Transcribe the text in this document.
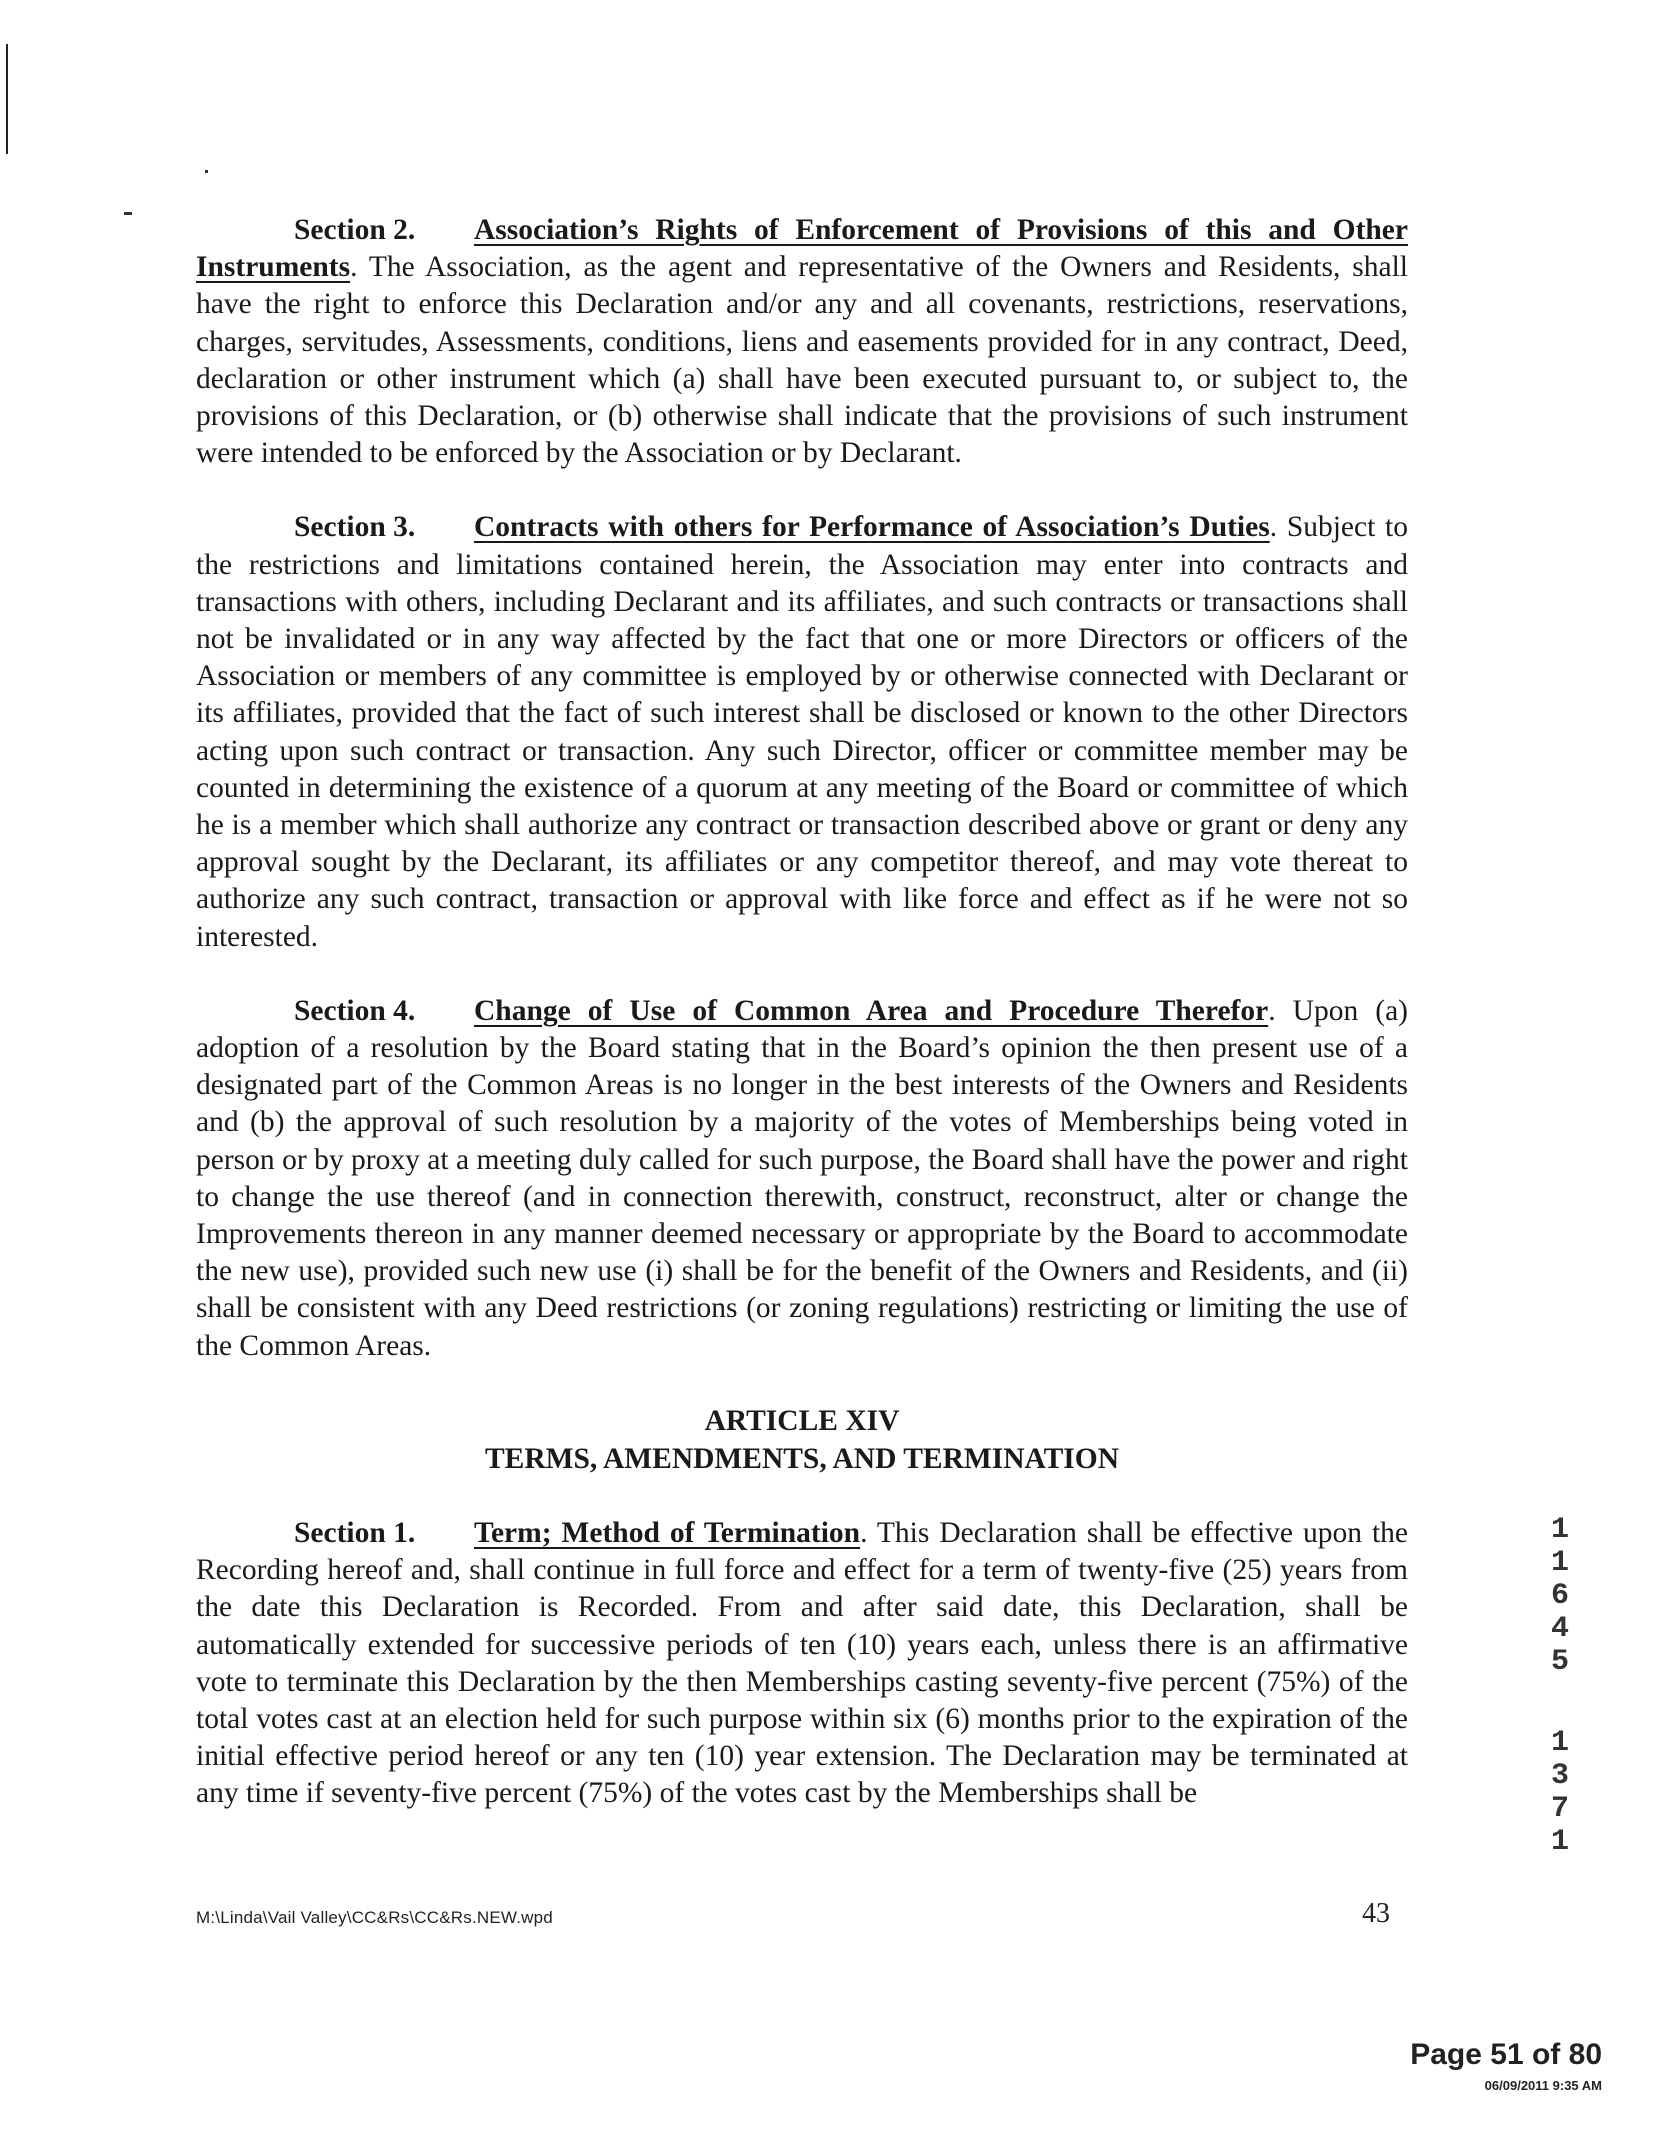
Section 2. Association’s Rights of Enforcement of Provisions of this and Other Instruments. The Association, as the agent and representative of the Owners and Residents, shall have the right to enforce this Declaration and/or any and all covenants, restrictions, reservations, charges, servitudes, Assessments, conditions, liens and easements provided for in any contract, Deed, declaration or other instrument which (a) shall have been executed pursuant to, or subject to, the provisions of this Declaration, or (b) otherwise shall indicate that the provisions of such instrument were intended to be enforced by the Association or by Declarant.

Section 3. Contracts with others for Performance of Association’s Duties. Subject to the restrictions and limitations contained herein, the Association may enter into contracts and transactions with others, including Declarant and its affiliates, and such contracts or transactions shall not be invalidated or in any way affected by the fact that one or more Directors or officers of the Association or members of any committee is employed by or otherwise connected with Declarant or its affiliates, provided that the fact of such interest shall be disclosed or known to the other Directors acting upon such contract or transaction. Any such Director, officer or committee member may be counted in determining the existence of a quorum at any meeting of the Board or committee of which he is a member which shall authorize any contract or transaction described above or grant or deny any approval sought by the Declarant, its affiliates or any competitor thereof, and may vote thereat to authorize any such contract, transaction or approval with like force and effect as if he were not so interested.

Section 4. Change of Use of Common Area and Procedure Therefor. Upon (a) adoption of a resolution by the Board stating that in the Board’s opinion the then present use of a designated part of the Common Areas is no longer in the best interests of the Owners and Residents and (b) the approval of such resolution by a majority of the votes of Memberships being voted in person or by proxy at a meeting duly called for such purpose, the Board shall have the power and right to change the use thereof (and in connection therewith, construct, reconstruct, alter or change the Improvements thereon in any manner deemed necessary or appropriate by the Board to accommodate the new use), provided such new use (i) shall be for the benefit of the Owners and Residents, and (ii) shall be consistent with any Deed restrictions (or zoning regulations) restricting or limiting the use of the Common Areas.

ARTICLE XIV
TERMS, AMENDMENTS, AND TERMINATION

Section 1. Term; Method of Termination. This Declaration shall be effective upon the Recording hereof and, shall continue in full force and effect for a term of twenty-five (25) years from the date this Declaration is Recorded. From and after said date, this Declaration, shall be automatically extended for successive periods of ten (10) years each, unless there is an affirmative vote to terminate this Declaration by the then Memberships casting seventy-five percent (75%) of the total votes cast at an election held for such purpose within six (6) months prior to the expiration of the initial effective period hereof or any ten (10) year extension. The Declaration may be terminated at any time if seventy-five percent (75%) of the votes cast by the Memberships shall be

M:\Linda\Vail Valley\CC&Rs\CC&Rs.NEW.wpd	43
1
1
6
4
5
1
3
7
1
Page 51 of 80
06/09/2011 9:35 AM
